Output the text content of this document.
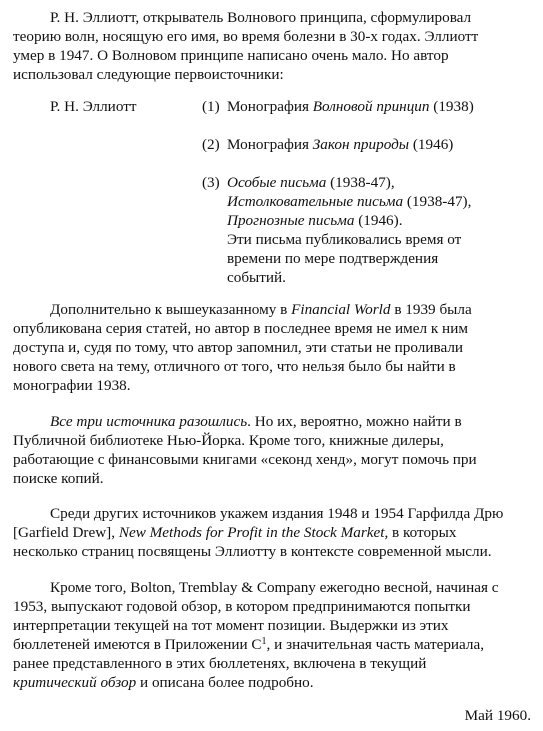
Р. Н. Эллиотт, открыватель Волнового принципа, сформулировал
теорию волн, носящую его имя, во время болезни в 30-х годах. Эллиотт
умер в 1947. О Волновом принципе написано очень мало. Но автор
использовал следующие первоисточники:
Р. Н. Эллиотт	(1) Монография Волновой принцип (1938)
(2) Монография Закон природы (1946)
(3) Особые письма (1938-47),
Истолковательные письма (1938-47),
Прогнозные письма (1946).
Эти письма публиковались время от
времени по мере подтверждения
событий.
Дополнительно к вышеуказанному в Financial World в 1939 была
опубликована серия статей, но автор в последнее время не имел к ним
доступа и, судя по тому, что автор запомнил, эти статьи не проливали
нового света на тему, отличного от того, что нельзя было бы найти в
монографии 1938.
Все три источника разошлись. Но их, вероятно, можно найти в
Публичной библиотеке Нью-Йорка. Кроме того, книжные дилеры,
работающие с финансовыми книгами «секонд хенд», могут помочь при
поиске копий.
Среди других источников укажем издания 1948 и 1954 Гарфилда Дрю
[Garfield Drew], New Methods for Profit in the Stock Market, в которых
несколько страниц посвящены Эллиотту в контексте современной мысли.
Кроме того, Bolton, Tremblay & Company ежегодно весной, начиная с
1953, выпускают годовой обзор, в котором предпринимаются попытки
интерпретации текущей на тот момент позиции. Выдержки из этих
бюллетеней имеются в Приложении $C^1$, и значительная часть материала,
ранее представленного в этих бюллетенях, включена в текущий
критический обзор и описана более подробно.
Май 1960.
